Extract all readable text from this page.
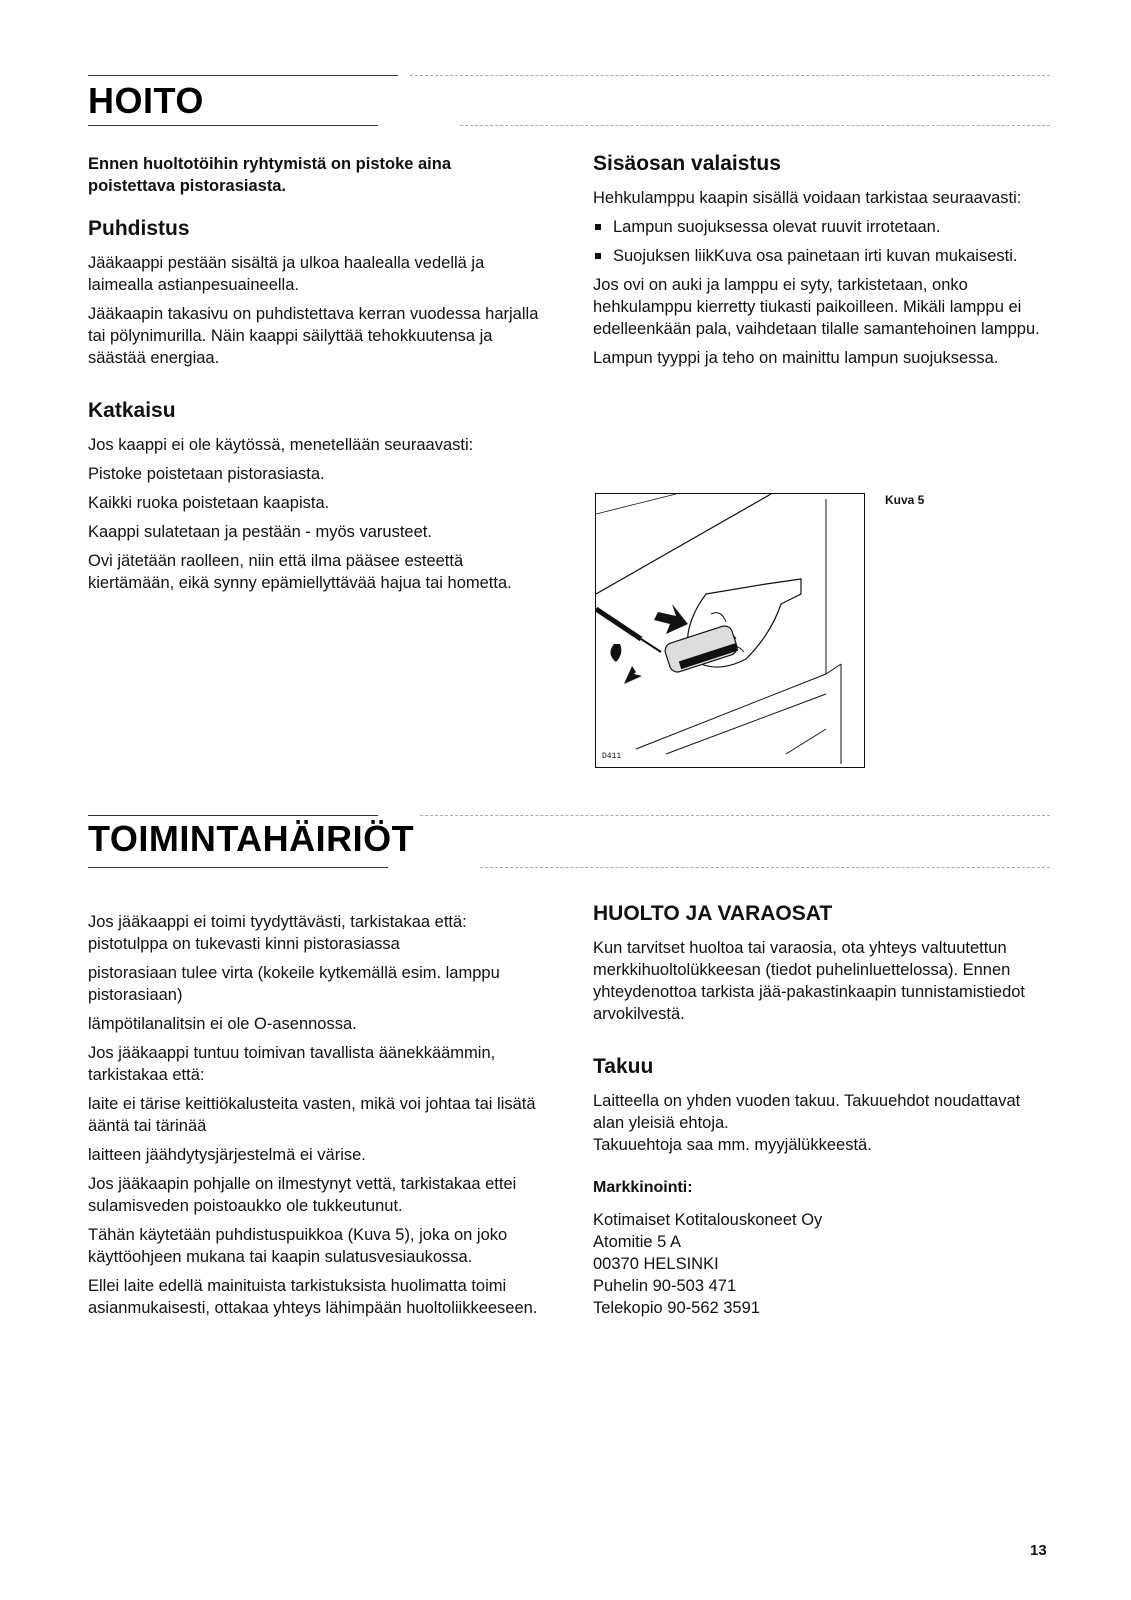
HOITO

Ennen huoltotöihin ryhtymistä on pistoke aina poistettava pistorasiasta.

Puhdistus

Jääkaappi pestään sisältä ja ulkoa haalealla vedellä ja laimealla astianpesuaineella.

Jääkaapin takasivu on puhdistettava kerran vuodessa harjalla tai pölynimurilla. Näin kaappi säilyttää tehokkuutensa ja säästää energiaa.

Katkaisu

Jos kaappi ei ole käytössä, menetellään seuraavasti:

Pistoke poistetaan pistorasiasta.

Kaikki ruoka poistetaan kaapista.

Kaappi sulatetaan ja pestään - myös varusteet.

Ovi jätetään raolleen, niin että ilma pääsee esteettä kiertämään, eikä synny epämiellyttävää hajua tai hometta.

Sisäosan valaistus

Hehkulamppu kaapin sisällä voidaan tarkistaa seuraavasti:

Lampun suojuksessa olevat ruuvit irrotetaan.
Suojuksen liikKuva osa painetaan irti kuvan mukaisesti.

Jos ovi on auki ja lamppu ei syty, tarkistetaan, onko hehkulamppu kierretty tiukasti paikoilleen. Mikäli lamppu ei edelleenkään pala, vaihdetaan tilalle samantehoinen lamppu.

Lampun tyyppi ja teho on mainittu lampun suojuksessa.

D411
Kuva 5
TOIMINTAHÄIRIÖT

Jos jääkaappi ei toimi tyydyttävästi, tarkistakaa että: pistotulppa on tukevasti kinni pistorasiassa

pistorasiaan tulee virta (kokeile kytkemällä esim. lamppu pistorasiaan)

lämpötilanalitsin ei ole O-asennossa.

Jos jääkaappi tuntuu toimivan tavallista äänekkäämmin, tarkistakaa että:

laite ei tärise keittiökalusteita vasten, mikä voi johtaa tai lisätä ääntä tai tärinää

laitteen jäähdytysjärjestelmä ei värise.

Jos jääkaapin pohjalle on ilmestynyt vettä, tarkistakaa ettei sulamisveden poistoaukko ole tukkeutunut.

Tähän käytetään puhdistuspuikkoa (Kuva 5), joka on joko käyttöohjeen mukana tai kaapin sulatusvesiaukossa.

Ellei laite edellä mainituista tarkistuksista huolimatta toimi asianmukaisesti, ottakaa yhteys lähimpään huoltoliikkeeseen.

HUOLTO JA VARAOSAT

Kun tarvitset huoltoa tai varaosia, ota yhteys valtuutettun merkkihuoltolükkeesan (tiedot puhelinluettelossa). Ennen yhteydenottoa tarkista jää-pakastinkaapin tunnistamistiedot arvokilvestä.

Takuu

Laitteella on yhden vuoden takuu. Takuuehdot noudattavat alan yleisiä ehtoja.

Takuuehtoja saa mm. myyjälükkeestä.

Markkinointi:
Kotimaiset Kotitalouskoneet Oy
Atomitie 5 A
00370 HELSINKI
Puhelin 90-503 471
Telekopio 90-562 3591
13
